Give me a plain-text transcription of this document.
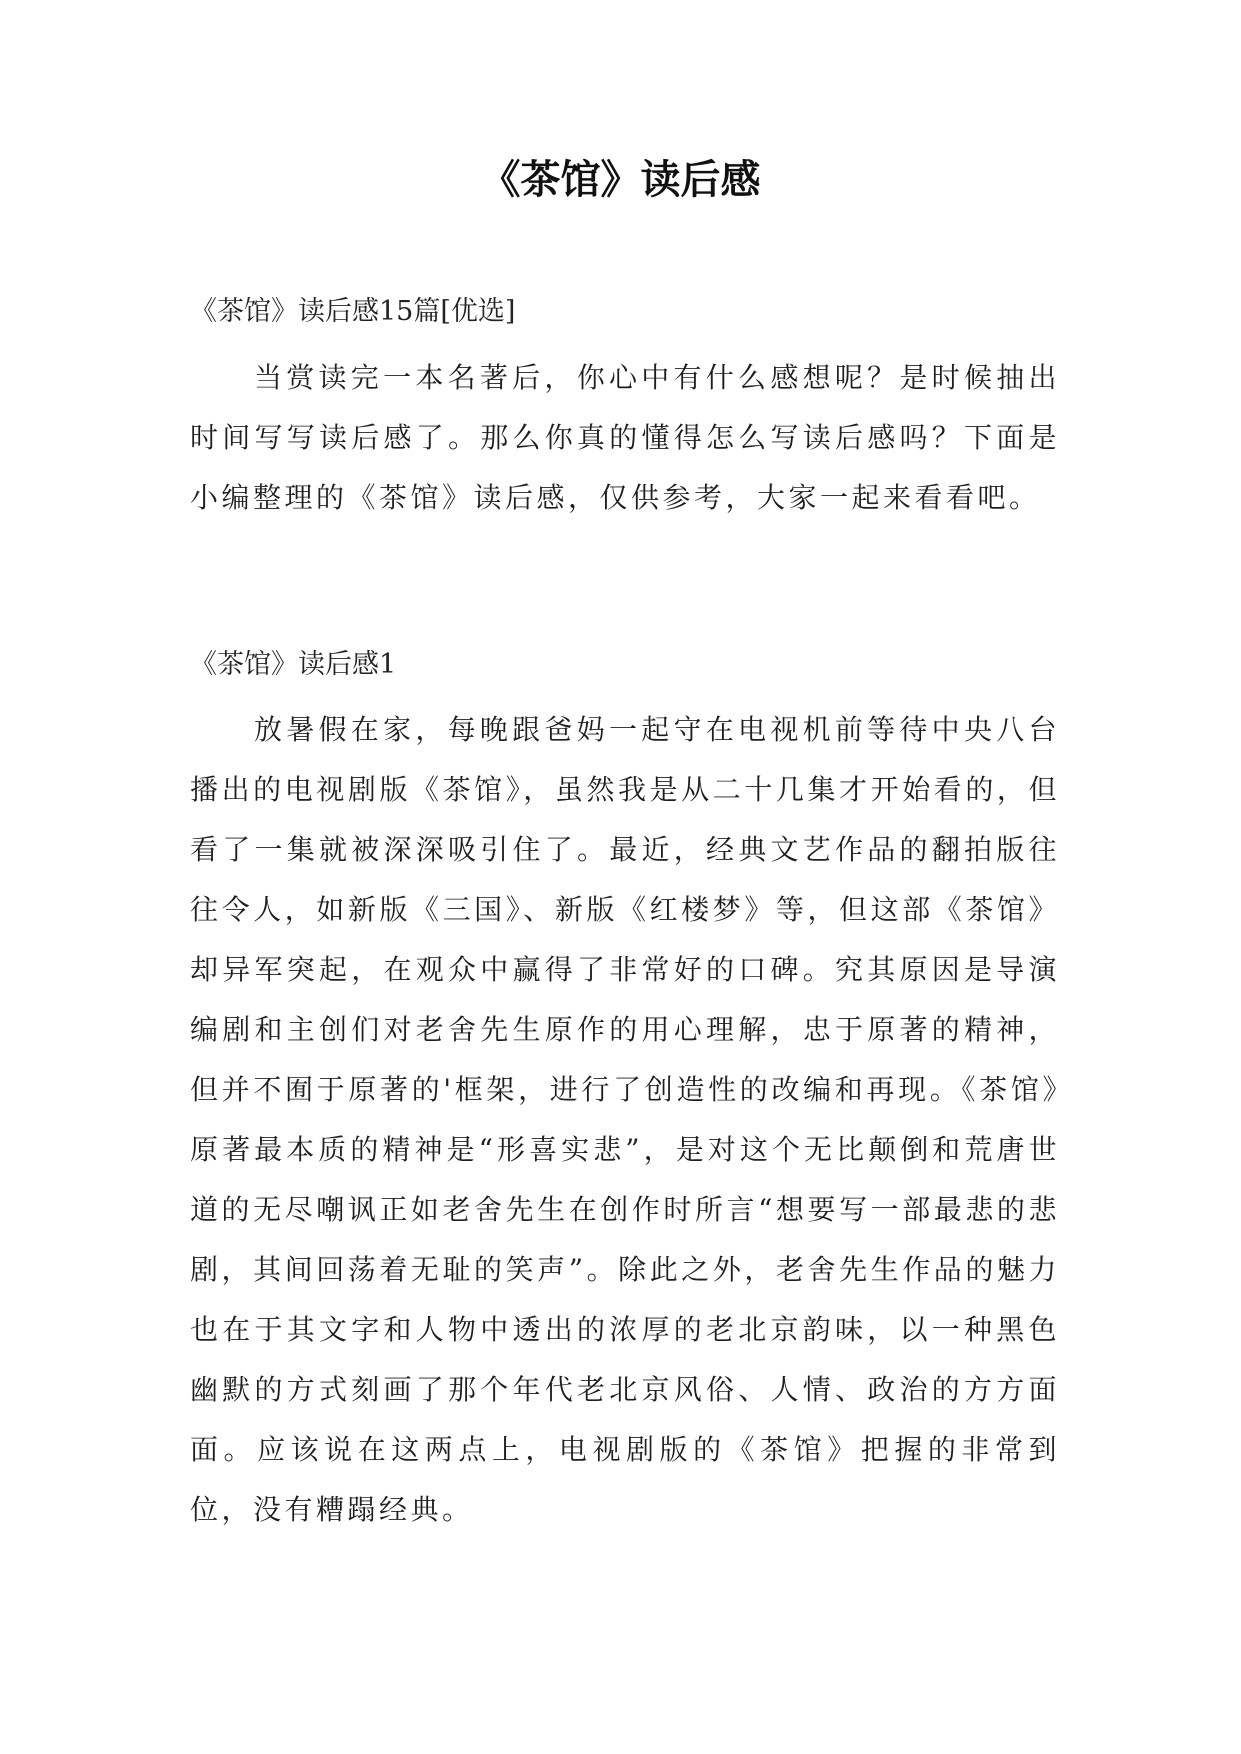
《茶馆》读后感

《茶馆》读后感15篇[优选]

当赏读完一本名著后，你心中有什么感想呢？是时候抽出时间写写读后感了。那么你真的懂得怎么写读后感吗？下面是小编整理的《茶馆》读后感，仅供参考，大家一起来看看吧。

《茶馆》读后感1

放暑假在家，每晚跟爸妈一起守在电视机前等待中央八台播出的电视剧版《茶馆》，虽然我是从二十几集才开始看的，但看了一集就被深深吸引住了。最近，经典文艺作品的翻拍版往往令人，如新版《三国》、新版《红楼梦》等，但这部《茶馆》却异军突起，在观众中赢得了非常好的口碑。究其原因是导演编剧和主创们对老舍先生原作的用心理解，忠于原著的精神，但并不囿于原著的'框架，进行了创造性的改编和再现。《茶馆》原著最本质的精神是“形喜实悲”，是对这个无比颠倒和荒唐世道的无尽嘲讽正如老舍先生在创作时所言“想要写一部最悲的悲剧，其间回荡着无耻的笑声”。除此之外，老舍先生作品的魅力也在于其文字和人物中透出的浓厚的老北京韵味，以一种黑色幽默的方式刻画了那个年代老北京风俗、人情、政治的方方面面。应该说在这两点上，电视剧版的《茶馆》把握的非常到位，没有糟蹋经典。
